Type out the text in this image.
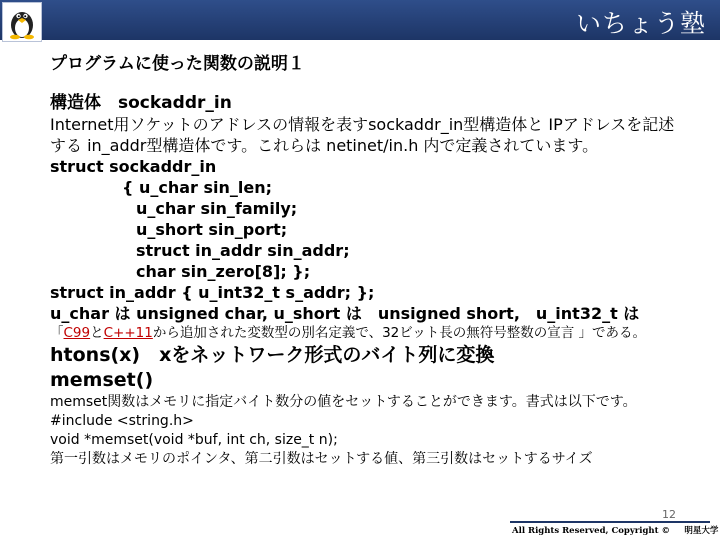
いちょう塾
プログラムに使った関数の説明１
構造体　sockaddr_in
Internet用ソケットのアドレスの情報を表すsockaddr_in型構造体と IPアドレスを記述
する in_addr型構造体です。これらは netinet/in.h 内で定義されています。
struct sockaddr_in
{ u_char sin_len;
u_char sin_family;
u_short sin_port;
struct in_addr sin_addr;
char sin_zero[8]; };
struct in_addr { u_int32_t s_addr; };
u_char は unsigned char, u_short は　unsigned short,　u_int32_t は
「C99とC++11から追加された変数型の別名定義で、32ビット長の無符号整数の宣言 」である。
htons(x)　xをネットワーク形式のバイト列に変換
memset()
memset関数はメモリに指定バイト数分の値をセットすることができます。書式は以下です。
#include <string.h>
void *memset(void *buf, int ch, size_t n);
第一引数はメモリのポインタ、第二引数はセットする値、第三引数はセットするサイズ
12
All Rights Reserved, Copyright © 　 明星大学
